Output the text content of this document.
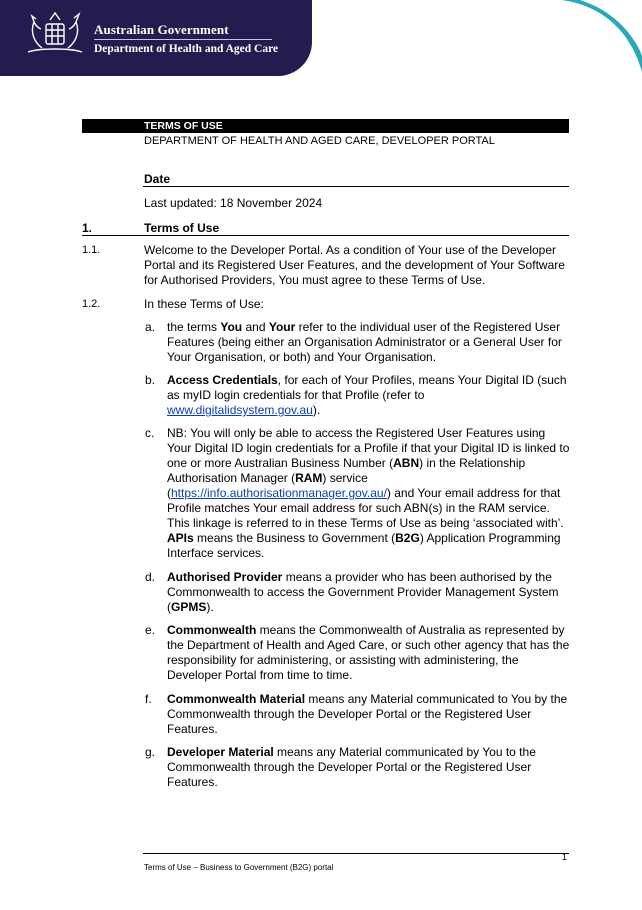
Australian Government
Department of Health and Aged Care
TERMS OF USE
DEPARTMENT OF HEALTH AND AGED CARE, DEVELOPER PORTAL
Date
Last updated: 18 November 2024
1.	Terms of Use
1.1.	Welcome to the Developer Portal. As a condition of Your use of the Developer Portal and its Registered User Features, and the development of Your Software for Authorised Providers, You must agree to these Terms of Use.
1.2.	In these Terms of Use:
a. the terms You and Your refer to the individual user of the Registered User Features (being either an Organisation Administrator or a General User for Your Organisation, or both) and Your Organisation.
b. Access Credentials, for each of Your Profiles, means Your Digital ID (such as myID login credentials for that Profile (refer to www.digitalidsystem.gov.au).
c. NB: You will only be able to access the Registered User Features using Your Digital ID login credentials for a Profile if that your Digital ID is linked to one or more Australian Business Number (ABN) in the Relationship Authorisation Manager (RAM) service (https://info.authorisationmanager.gov.au/) and Your email address for that Profile matches Your email address for such ABN(s) in the RAM service. This linkage is referred to in these Terms of Use as being ‘associated with’. APIs means the Business to Government (B2G) Application Programming Interface services.
d. Authorised Provider means a provider who has been authorised by the Commonwealth to access the Government Provider Management System (GPMS).
e. Commonwealth means the Commonwealth of Australia as represented by the Department of Health and Aged Care, or such other agency that has the responsibility for administering, or assisting with administering, the Developer Portal from time to time.
f. Commonwealth Material means any Material communicated to You by the Commonwealth through the Developer Portal or the Registered User Features.
g. Developer Material means any Material communicated by You to the Commonwealth through the Developer Portal or the Registered User Features.
1
Terms of Use – Business to Government (B2G) portal
